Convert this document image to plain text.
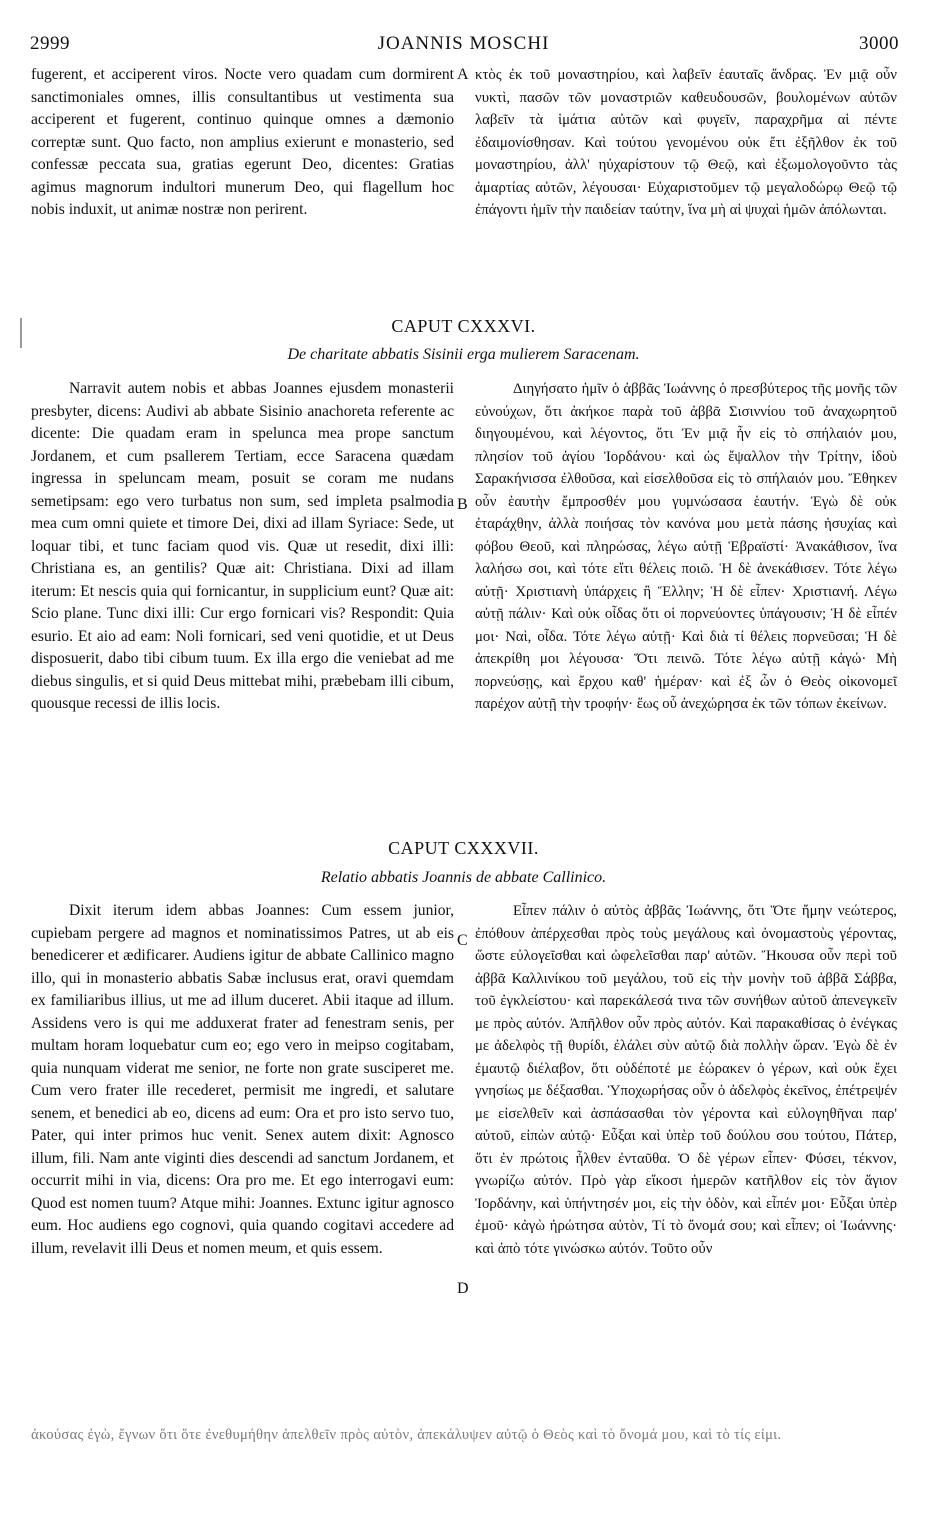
JOANNIS MOSCHI
2999	3000

fugerent, et acciperent viros. Nocte vero quadam cum dormirent sanctimoniales omnes, illis consultantibus ut vestimenta sua acciperent et fugerent, continuo quinque omnes a dæmonio correptæ sunt. Quo facto, non amplius exierunt e monasterio, sed confessæ peccata sua, gratias egerunt Deo, dicentes: Gratias agimus magnorum indultori munerum Deo, qui flagellum hoc nobis induxit, ut animæ nostræ non perirent.

κτὸς ἐκ τοῦ μοναστηρίου, καὶ λαβεῖν ἑαυταῖς ἄνδρας. Ἐν μιᾷ οὖν νυκτὶ, πασῶν τῶν μοναστριῶν καθευδουσῶν, βουλομένων αὐτῶν λαβεῖν τὰ ἱμάτια αὐτῶν καὶ φυγεῖν, παραχρῆμα αἱ πέντε ἐδαιμονίσθησαν. Καὶ τούτου γενομένου οὐκ ἔτι ἐξῆλθον ἐκ τοῦ μοναστηρίου, ἀλλ' ηὐχαρίστουν τῷ Θεῷ, καὶ ἐξωμολογοῦντο τὰς ἁμαρτίας αὐτῶν, λέγουσαι· Εὐχαριστοῦμεν τῷ μεγαλοδώρῳ Θεῷ τῷ ἐπάγοντι ἡμῖν τὴν παιδείαν ταύτην, ἵνα μὴ αἱ ψυχαὶ ἡμῶν ἀπόλωνται.

A
CAPUT CXXXVI.
De charitate abbatis Sisinii erga mulierem Saracenam.

Narravit autem nobis et abbas Joannes ejusdem monasterii presbyter, dicens: Audivi ab abbate Sisinio anachoreta referente ac dicente: Die quadam eram in spelunca mea prope sanctum Jordanem, et cum psallerem Tertiam, ecce Saracena quædam ingressa in speluncam meam, posuit se coram me nudans semetipsam: ego vero turbatus non sum, sed impleta psalmodia mea cum omni quiete et timore Dei, dixi ad illam Syriace: Sede, ut loquar tibi, et tunc faciam quod vis. Quæ ut resedit, dixi illi: Christiana es, an gentilis? Quæ ait: Christiana. Dixi ad illam iterum: Et nescis quia qui fornicantur, in supplicium eunt? Quæ ait: Scio plane. Tunc dixi illi: Cur ergo fornicari vis? Respondit: Quia esurio. Et aio ad eam: Noli fornicari, sed veni quotidie, et ut Deus disposuerit, dabo tibi cibum tuum. Ex illa ergo die veniebat ad me diebus singulis, et si quid Deus mittebat mihi, præbebam illi cibum, quousque recessi de illis locis.

Διηγήσατο ἡμῖν ὁ ἀββᾶς Ἰωάννης ὁ πρεσβύτερος τῆς μονῆς τῶν εὐνούχων, ὅτι ἀκήκοε παρὰ τοῦ ἀββᾶ Σισιννίου τοῦ ἀναχωρητοῦ διηγουμένου, καὶ λέγοντος, ὅτι Ἐν μιᾷ ἦν εἰς τὸ σπήλαιόν μου, πλησίον τοῦ ἁγίου Ἰορδάνου· καὶ ὡς ἔψαλλον τὴν Τρίτην, ἰδοὺ Σαρακήνισσα ἐλθοῦσα, καὶ εἰσελθοῦσα εἰς τὸ σπήλαιόν μου. Ἔθηκεν οὖν ἑαυτὴν ἔμπροσθέν μου γυμνώσασα ἑαυτήν. Ἐγὼ δὲ οὐκ ἐταράχθην, ἀλλὰ ποιήσας τὸν κανόνα μου μετὰ πάσης ἡσυχίας καὶ φόβου Θεοῦ, καὶ πληρώσας, λέγω αὐτῇ Ἑβραϊστί· Ἀνακάθισον, ἵνα λαλήσω σοι, καὶ τότε εἴτι θέλεις ποιῶ. Ἡ δὲ ἀνεκάθισεν. Τότε λέγω αὐτῇ· Χριστιανὴ ὑπάρχεις ἢ Ἕλλην; Ἡ δὲ εἶπεν· Χριστιανή. Λέγω αὐτῇ πάλιν· Καὶ οὐκ οἶδας ὅτι οἱ πορνεύοντες ὑπάγουσιν; Ἡ δὲ εἶπέν μοι· Ναὶ, οἶδα. Τότε λέγω αὐτῇ· Καὶ διὰ τί θέλεις πορνεῦσαι; Ἡ δὲ ἀπεκρίθη μοι λέγουσα· Ὅτι πεινῶ. Τότε λέγω αὐτῇ κἀγώ· Μὴ πορνεύσῃς, καὶ ἔρχου καθ' ἡμέραν· καὶ ἐξ ὧν ὁ Θεὸς οἰκονομεῖ παρέχον αὐτῇ τὴν τροφήν· ἕως οὗ ἀνεχώρησα ἐκ τῶν τόπων ἐκείνων.

B
CAPUT CXXXVII.
Relatio abbatis Joannis de abbate Callinico.

Dixit iterum idem abbas Joannes: Cum essem junior, cupiebam pergere ad magnos et nominatissimos Patres, ut ab eis benedicerer et ædificarer. Audiens igitur de abbate Callinico magno illo, qui in monasterio abbatis Sabæ inclusus erat, oravi quemdam ex familiaribus illius, ut me ad illum duceret. Abii itaque ad illum. Assidens vero is qui me adduxerat frater ad fenestram senis, per multam horam loquebatur cum eo; ego vero in meipso cogitabam, quia nunquam viderat me senior, ne forte non grate susciperet me. Cum vero frater ille recederet, permisit me ingredi, et salutare senem, et benedici ab eo, dicens ad eum: Ora et pro isto servo tuo, Pater, qui inter primos huc venit. Senex autem dixit: Agnosco illum, fili. Nam ante viginti dies descendi ad sanctum Jordanem, et occurrit mihi in via, dicens: Ora pro me. Et ego interrogavi eum: Quod est nomen tuum? Atque mihi: Joannes. Extunc igitur agnosco eum. Hoc audiens ego cognovi, quia quando cogitavi accedere ad illum, revelavit illi Deus et nomen meum, et quis essem.

Εἶπεν πάλιν ὁ αὐτὸς ἀββᾶς Ἰωάννης, ὅτι Ὅτε ἤμην νεώτερος, ἐπόθουν ἀπέρχεσθαι πρὸς τοὺς μεγάλους καὶ ὀνομαστοὺς γέροντας, ὥστε εὐλογεῖσθαι καὶ ὠφελεῖσθαι παρ' αὐτῶν. Ἤκουσα οὖν περὶ τοῦ ἀββᾶ Καλλινίκου τοῦ μεγάλου, τοῦ εἰς τὴν μονὴν τοῦ ἀββᾶ Σάββα, τοῦ ἐγκλείστου· καὶ παρεκάλεσά τινα τῶν συνήθων αὐτοῦ ἀπενεγκεῖν με πρὸς αὐτόν. Ἀπῆλθον οὖν πρὸς αὐτόν. Καὶ παρακαθίσας ὁ ἐνέγκας με ἀδελφὸς τῇ θυρίδι, ἐλάλει σὺν αὐτῷ διὰ πολλὴν ὥραν. Ἐγὼ δὲ ἐν ἐμαυτῷ διέλαβον, ὅτι οὐδέποτέ με ἑώρακεν ὁ γέρων, καὶ οὐκ ἔχει γνησίως με δέξασθαι. Ὑποχωρήσας οὖν ὁ ἀδελφὸς ἐκεῖνος, ἐπέτρεψέν με εἰσελθεῖν καὶ ἀσπάσασθαι τὸν γέροντα καὶ εὐλογηθῆναι παρ' αὐτοῦ, εἰπὼν αὐτῷ· Εὖξαι καὶ ὑπὲρ τοῦ δούλου σου τούτου, Πάτερ, ὅτι ἐν πρώτοις ἦλθεν ἐνταῦθα. Ὁ δὲ γέρων εἶπεν· Φύσει, τέκνον, γνωρίζω αὐτόν. Πρὸ γὰρ εἴκοσι ἡμερῶν κατῆλθον εἰς τὸν ἅγιον Ἰορδάνην, καὶ ὑπήντησέν μοι, εἰς τὴν ὁδὸν, καὶ εἶπέν μοι· Εὖξαι ὑπὲρ ἐμοῦ· κἀγὼ ἠρώτησα αὐτὸν, Τί τὸ ὄνομά σου; καὶ εἶπεν; οἱ Ἰωάννης· καὶ ἀπὸ τότε γινώσκω αὐτόν. Τοῦτο οὖν

C
D

ἀκούσας ἐγὼ, ἔγνων ὅτι ὅτε ἐνεθυμήθην ἀπελθεῖν πρὸς αὐτὸν, ἀπεκάλυψεν αὐτῷ ὁ Θεὸς καὶ τὸ ὄνομά μου, καὶ τὸ τίς εἰμι.
